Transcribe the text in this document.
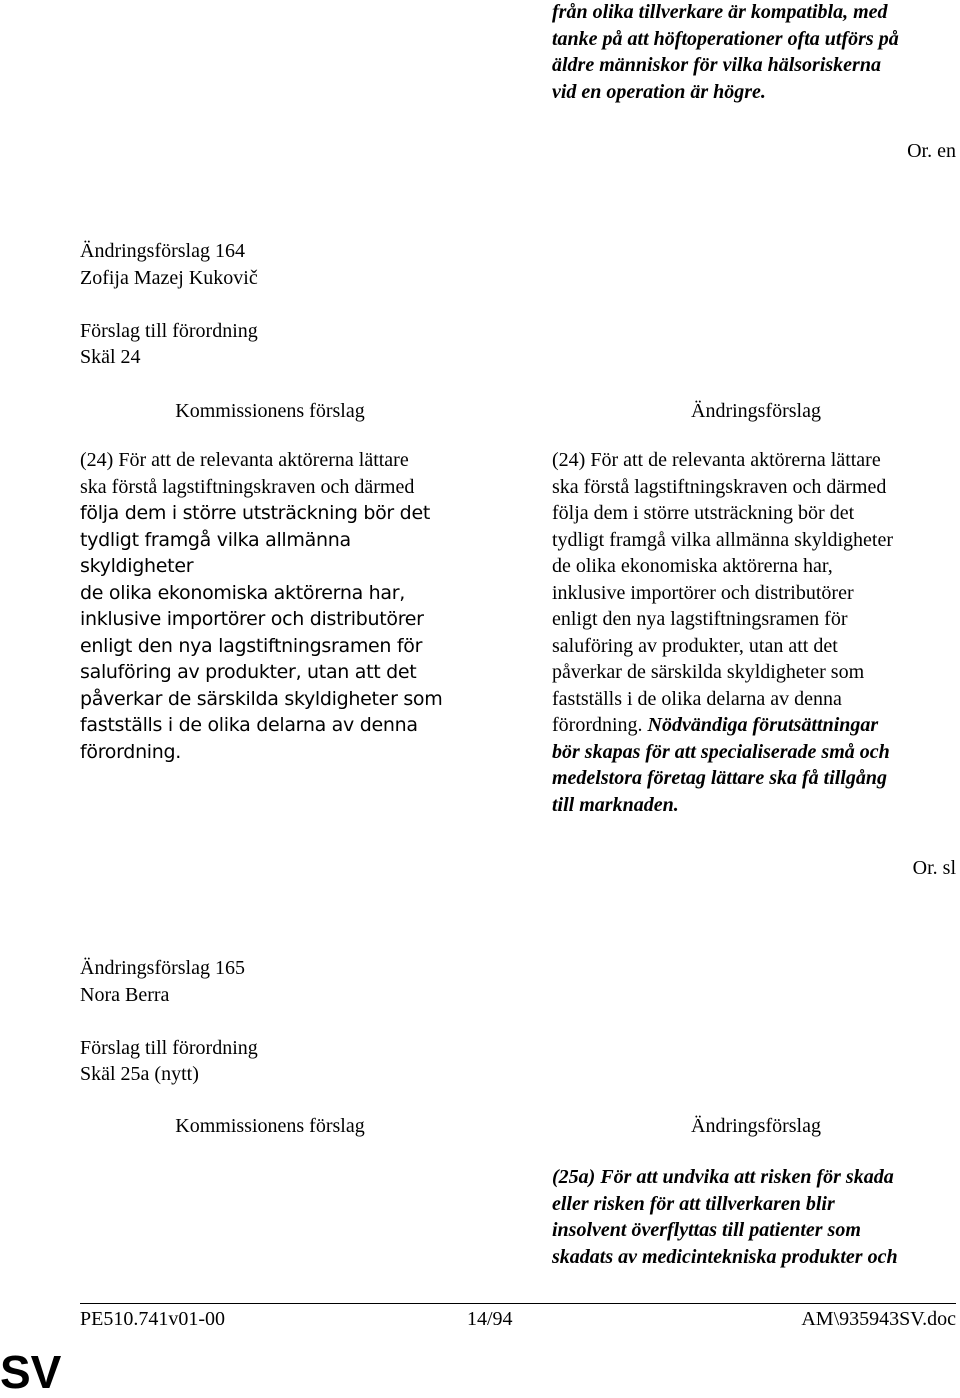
från olika tillverkare är kompatibla, med
tanke på att höftoperationer ofta utförs på
äldre människor för vilka hälsoriskerna
vid en operation är högre.
Or. en
Ändringsförslag 164
Zofija Mazej Kukovič
Förslag till förordning
Skäl 24
Kommissionens förslag	Ändringsförslag
(24) För att de relevanta aktörerna lättare
ska förstå lagstiftningskraven och därmed
följa dem i större utsträckning bör det
tydligt framgå vilka allmänna skyldigheter
de olika ekonomiska aktörerna har,
inklusive importörer och distributörer
enligt den nya lagstiftningsramen för
saluföring av produkter, utan att det
påverkar de särskilda skyldigheter som
fastställs i de olika delarna av denna
förordning.
(24) För att de relevanta aktörerna lättare
ska förstå lagstiftningskraven och därmed
följa dem i större utsträckning bör det
tydligt framgå vilka allmänna skyldigheter
de olika ekonomiska aktörerna har,
inklusive importörer och distributörer
enligt den nya lagstiftningsramen för
saluföring av produkter, utan att det
påverkar de särskilda skyldigheter som
fastställs i de olika delarna av denna
förordning. Nödvändiga förutsättningar
bör skapas för att specialiserade små och
medelstora företag lättare ska få tillgång
till marknaden.
Or. sl
Ändringsförslag 165
Nora Berra
Förslag till förordning
Skäl 25a (nytt)
Kommissionens förslag	Ändringsförslag
(25a) För att undvika att risken för skada
eller risken för att tillverkaren blir
insolvent överflyttas till patienter som
skadats av medicintekniska produkter och
PE510.741v01-00	14/94	AM\935943SV.doc
SV
